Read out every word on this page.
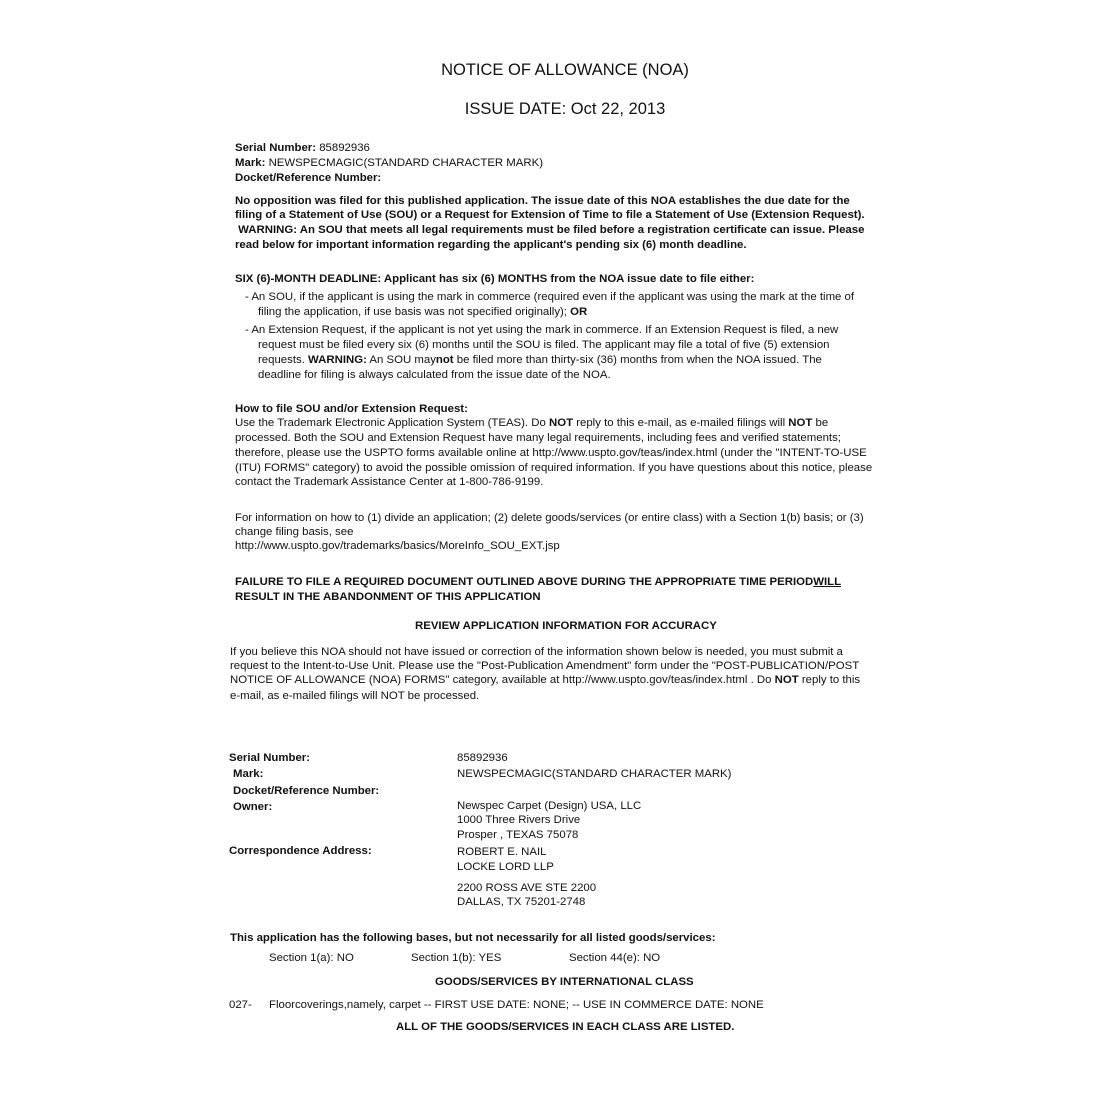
NOTICE OF ALLOWANCE (NOA)
ISSUE DATE: Oct 22, 2013
Serial Number: 85892936
Mark: NEWSPECMAGIC(STANDARD CHARACTER MARK)
Docket/Reference Number:
No opposition was filed for this published application. The issue date of this NOA establishes the due date for the
filing of a Statement of Use (SOU) or a Request for Extension of Time to file a Statement of Use (Extension Request).
WARNING: An SOU that meets all legal requirements must be filed before a registration certificate can issue. Please
read below for important information regarding the applicant's pending six (6) month deadline.
SIX (6)-MONTH DEADLINE: Applicant has six (6) MONTHS from the NOA issue date to file either:
- An SOU, if the applicant is using the mark in commerce (required even if the applicant was using the mark at the time of
filing the application, if use basis was not specified originally); OR
- An Extension Request, if the applicant is not yet using the mark in commerce. If an Extension Request is filed, a new
request must be filed every six (6) months until the SOU is filed. The applicant may file a total of five (5) extension
requests. WARNING: An SOU maynot be filed more than thirty-six (36) months from when the NOA issued. The
deadline for filing is always calculated from the issue date of the NOA.
How to file SOU and/or Extension Request:
Use the Trademark Electronic Application System (TEAS). Do NOT reply to this e-mail, as e-mailed filings will NOT be
processed. Both the SOU and Extension Request have many legal requirements, including fees and verified statements;
therefore, please use the USPTO forms available online at http://www.uspto.gov/teas/index.html (under the "INTENT-TO-USE
(ITU) FORMS" category) to avoid the possible omission of required information. If you have questions about this notice, please
contact the Trademark Assistance Center at 1-800-786-9199.
For information on how to (1) divide an application; (2) delete goods/services (or entire class) with a Section 1(b) basis; or (3)
change filing basis, see
http://www.uspto.gov/trademarks/basics/MoreInfo_SOU_EXT.jsp
FAILURE TO FILE A REQUIRED DOCUMENT OUTLINED ABOVE DURING THE APPROPRIATE TIME PERIODWILL
RESULT IN THE ABANDONMENT OF THIS APPLICATION
REVIEW APPLICATION INFORMATION FOR ACCURACY
If you believe this NOA should not have issued or correction of the information shown below is needed, you must submit a
request to the Intent-to-Use Unit. Please use the "Post-Publication Amendment" form under the "POST-PUBLICATION/POST
NOTICE OF ALLOWANCE (NOA) FORMS" category, available at http://www.uspto.gov/teas/index.html . Do NOT reply to this
e-mail, as e-mailed filings will NOT be processed.
Serial Number:	85892936
Mark:	NEWSPECMAGIC(STANDARD CHARACTER MARK)
Docket/Reference Number:
Owner:	Newspec Carpet (Design) USA, LLC
1000 Three Rivers Drive
Prosper , TEXAS 75078
Correspondence Address:	ROBERT E. NAIL
LOCKE LORD LLP
2200 ROSS AVE STE 2200
DALLAS, TX 75201-2748
This application has the following bases, but not necessarily for all listed goods/services:
Section 1(a): NO	Section 1(b): YES	Section 44(e): NO
GOODS/SERVICES BY INTERNATIONAL CLASS
027- Floorcoverings,namely, carpet -- FIRST USE DATE: NONE; -- USE IN COMMERCE DATE: NONE
ALL OF THE GOODS/SERVICES IN EACH CLASS ARE LISTED.
